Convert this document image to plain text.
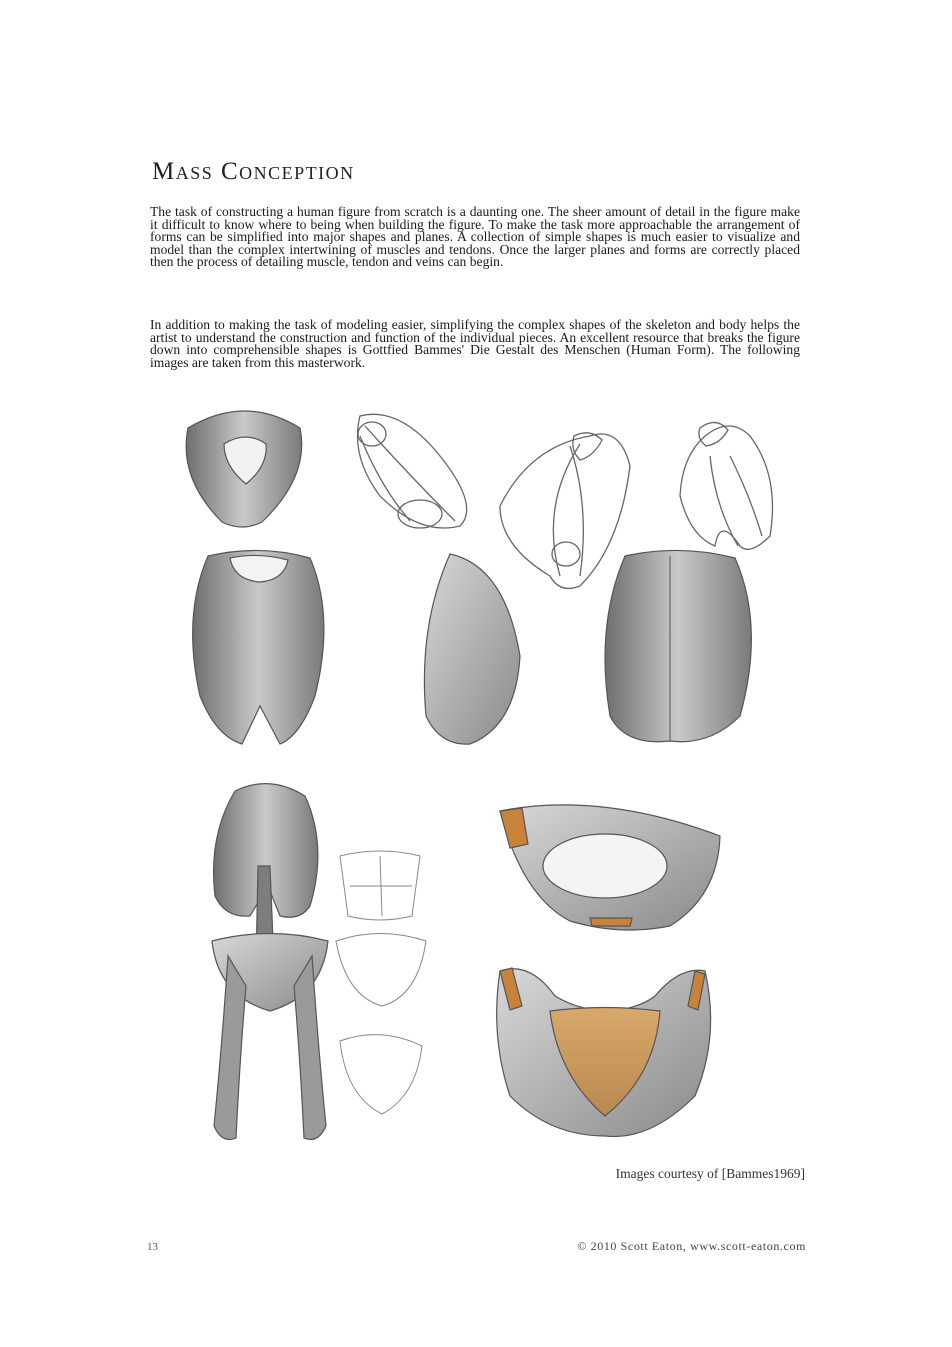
Mass Conception

The task of constructing a human figure from scratch is a daunting one. The sheer amount of detail in the figure make it difficult to know where to being when building the figure. To make the task more approachable the arrangement of forms can be simplified into major shapes and planes. A collection of simple shapes is much easier to visualize and model than the complex intertwining of muscles and tendons. Once the larger planes and forms are correctly placed then the process of detailing muscle, tendon and veins can begin.

In addition to making the task of modeling easier, simplifying the complex shapes of the skeleton and body helps the artist to understand the construction and function of the individual pieces. An excellent resource that breaks the figure down into comprehensible shapes is Gottfied Bammes' Die Gestalt des Menschen (Human Form). The following images are taken from this masterwork.

Images courtesy of [Bammes1969]
13	© 2010 Scott Eaton, www.scott-eaton.com
